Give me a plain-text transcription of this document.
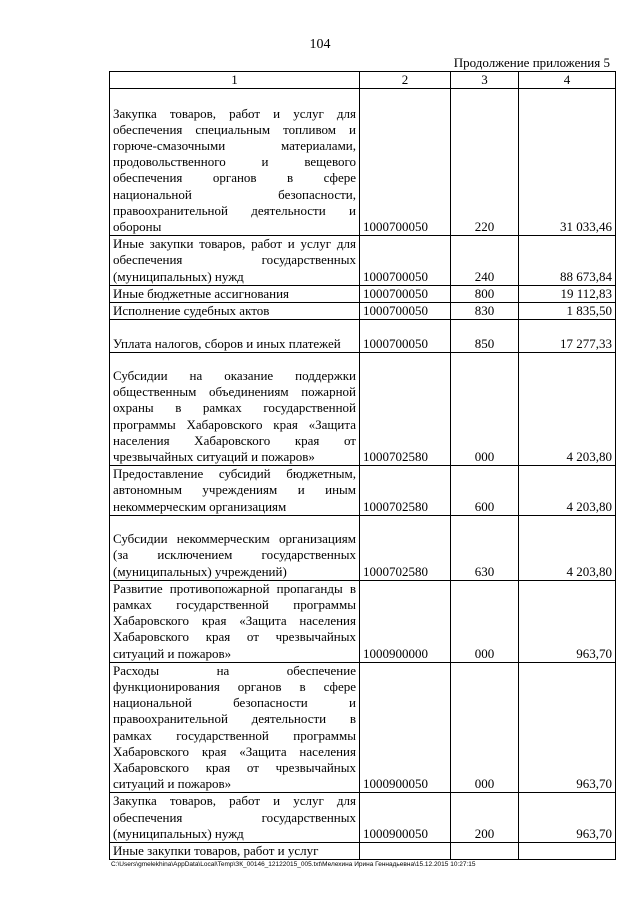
104
Продолжение приложения 5
1	2	3	4
Закупка товаров, работ и услуг для обеспечения специальным топливом и горюче-смазочными материалами, продовольственного и вещевого обеспечения органов в сфере национальной безопасности, правоохранительной деятельности и обороны	1000700050	220	31 033,46
Иные закупки товаров, работ и услуг для обеспечения государственных (муниципальных) нужд	1000700050	240	88 673,84
Иные бюджетные ассигнования	1000700050	800	19 112,83
Исполнение судебных актов	1000700050	830	1 835,50
Уплата налогов, сборов и иных платежей	1000700050	850	17 277,33
Субсидии на оказание поддержки общественным объединениям пожарной охраны в рамках государственной программы Хабаровского края «Защита населения Хабаровского края от чрезвычайных ситуаций и пожаров»	1000702580	000	4 203,80
Предоставление субсидий бюджетным, автономным учреждениям и иным некоммерческим организациям	1000702580	600	4 203,80
Субсидии некоммерческим организациям (за исключением государственных (муниципальных) учреждений)	1000702580	630	4 203,80
Развитие противопожарной пропаганды в рамках государственной программы Хабаровского края «Защита населения Хабаровского края от чрезвычайных ситуаций и пожаров»	1000900000	000	963,70
Расходы на обеспечение функционирования органов в сфере национальной безопасности и правоохранительной деятельности в рамках государственной программы Хабаровского края «Защита населения Хабаровского края от чрезвычайных ситуаций и пожаров»	1000900050	000	963,70
Закупка товаров, работ и услуг для обеспечения государственных (муниципальных) нужд	1000900050	200	963,70
Иные закупки товаров, работ и услуг			
C:\Users\gmelekhina\AppData\Local\Temp\ЗК_00146_12122015_005.txt\Мелехина Ирина Геннадьевна\15.12.2015 10:27:15
